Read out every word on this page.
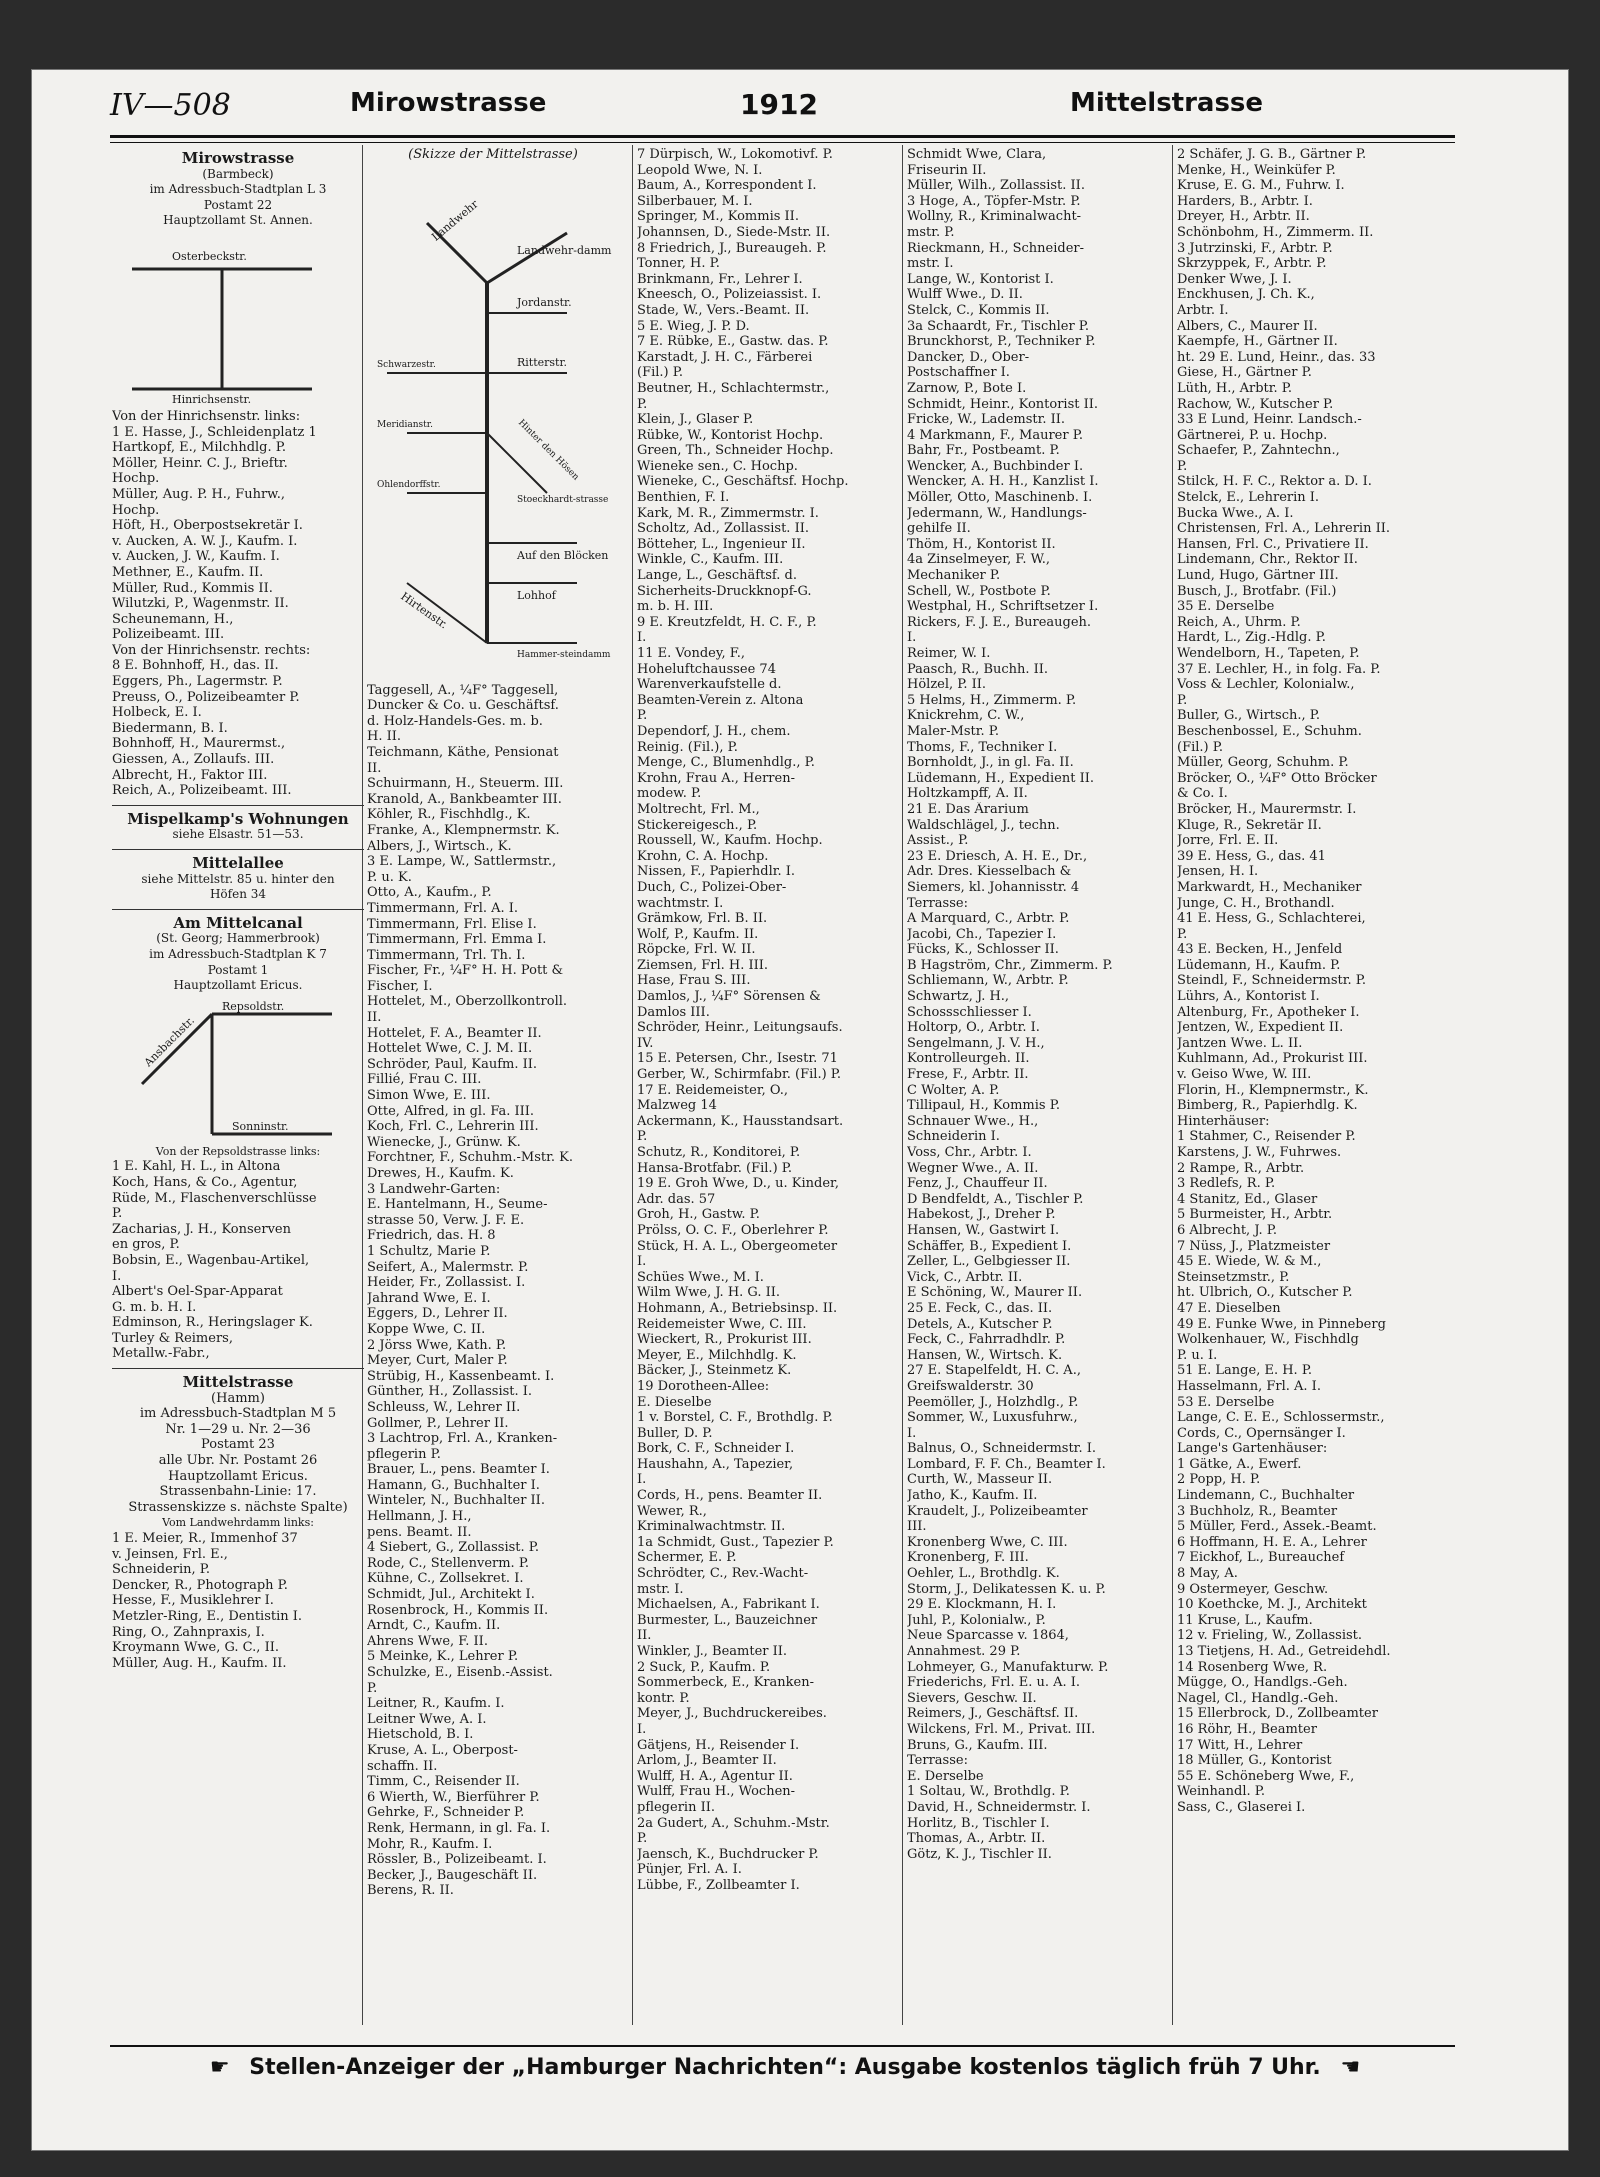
IV—508	Mirowstrasse	1912	Mittelstrasse
Mirowstrasse
(Barmbeck)
im Adressbuch-Stadtplan L 3
Postamt 22
Hauptzollamt St. Annen.
Osterbeckstr.
Hinrichsenstr.
Von der Hinrichsenstr. links:
1 E. Hasse, J., Schleidenplatz 1
Hartkopf, E., Milchhdlg. P.
Möller, Heinr. C. J., Brieftr.
Hochp.
Müller, Aug. P. H., Fuhrw.,
Hochp.
Höft, H., Oberpostsekretär I.
v. Aucken, A. W. J., Kaufm. I.
v. Aucken, J. W., Kaufm. I.
Methner, E., Kaufm. II.
Müller, Rud., Kommis II.
Wilutzki, P., Wagenmstr. II.
Scheunemann, H.,
Polizeibeamt. III.
Von der Hinrichsenstr. rechts:
8 E. Bohnhoff, H., das. II.
Eggers, Ph., Lagermstr. P.
Preuss, O., Polizeibeamter P.
Holbeck, E. I.
Biedermann, B. I.
Bohnhoff, H., Maurermst.,
Giessen, A., Zollaufs. III.
Albrecht, H., Faktor III.
Reich, A., Polizeibeamt. III.
Mispelkamp's Wohnungen
siehe Elsastr. 51—53.
Mittelallee
siehe Mittelstr. 85 u. hinter den
Höfen 34
Am Mittelcanal
(St. Georg; Hammerbrook)
im Adressbuch-Stadtplan K 7
Postamt 1
Hauptzollamt Ericus.
Ansbachstr.
Repsoldstr.
Sonninstr.
Von der Repsoldstrasse links:
1 E. Kahl, H. L., in Altona
Koch, Hans, & Co., Agentur,
Rüde, M., Flaschenverschlüsse
P.
Zacharias, J. H., Konserven
en gros, P.
Bobsin, E., Wagenbau-Artikel,
I.
Albert's Oel-Spar-Apparat
G. m. b. H. I.
Edminson, R., Heringslager K.
Turley & Reimers,
Metallw.-Fabr.,
Mittelstrasse
(Hamm)
im Adressbuch-Stadtplan M 5
Nr. 1—29 u. Nr. 2—36
Postamt 23
alle Übr. Nr. Postamt 26
Hauptzollamt Ericus.
Strassenbahn-Linie: 17.
Strassenskizze s. nächste Spalte)
Vom Landwehrdamm links:
1 E. Meier, R., Immenhof 37
v. Jeinsen, Frl. E.,
Schneiderin, P.
Dencker, R., Photograph P.
Hesse, F., Musiklehrer I.
Metzler-Ring, E., Dentistin I.
Ring, O., Zahnpraxis, I.
Kroymann Wwe, G. C., II.
Müller, Aug. H., Kaufm. II.
(Skizze der Mittelstrasse)
Landwehr
Landwehr-damm
Jordanstr.
Ritterstr.
Schwarzestr.
Meridianstr.	Hinter den Hösen
Ohlendorffstr.
Stoeckhardt-strasse
Auf den Blöcken
Lohhof
Hirtenstr.
Hammer-steindamm
Taggesell, A., ¼F° Taggesell,
Duncker & Co. u. Geschäftsf.
d. Holz-Handels-Ges. m. b.
H. II.
Teichmann, Käthe, Pensionat
II.
Schuirmann, H., Steuerm. III.
Kranold, A., Bankbeamter III.
Köhler, R., Fischhdlg., K.
Franke, A., Klempnermstr. K.
Albers, J., Wirtsch., K.
3 E. Lampe, W., Sattlermstr.,
P. u. K.
Otto, A., Kaufm., P.
Timmermann, Frl. A. I.
Timmermann, Frl. Elise I.
Timmermann, Frl. Emma I.
Timmermann, Trl. Th. I.
Fischer, Fr., ¼F° H. H. Pott &
Fischer, I.
Hottelet, M., Oberzollkontroll.
II.
Hottelet, F. A., Beamter II.
Hottelet Wwe, C. J. M. II.
Schröder, Paul, Kaufm. II.
Fillié, Frau C. III.
Simon Wwe, E. III.
Otte, Alfred, in gl. Fa. III.
Koch, Frl. C., Lehrerin III.
Wienecke, J., Grünw. K.
Forchtner, F., Schuhm.-Mstr. K.
Drewes, H., Kaufm. K.
3 Landwehr-Garten:
E. Hantelmann, H., Seume-
strasse 50, Verw. J. F. E.
Friedrich, das. H. 8
1 Schultz, Marie P.
Seifert, A., Malermstr. P.
Heider, Fr., Zollassist. I.
Jahrand Wwe, E. I.
Eggers, D., Lehrer II.
Koppe Wwe, C. II.
2 Jörss Wwe, Kath. P.
Meyer, Curt, Maler P.
Strübig, H., Kassenbeamt. I.
Günther, H., Zollassist. I.
Schleuss, W., Lehrer II.
Gollmer, P., Lehrer II.
3 Lachtrop, Frl. A., Kranken-
pflegerin P.
Brauer, L., pens. Beamter I.
Hamann, G., Buchhalter I.
Winteler, N., Buchhalter II.
Hellmann, J. H.,
pens. Beamt. II.
4 Siebert, G., Zollassist. P.
Rode, C., Stellenverm. P.
Kühne, C., Zollsekret. I.
Schmidt, Jul., Architekt I.
Rosenbrock, H., Kommis II.
Arndt, C., Kaufm. II.
Ahrens Wwe, F. II.
5 Meinke, K., Lehrer P.
Schulzke, E., Eisenb.-Assist.
P.
Leitner, R., Kaufm. I.
Leitner Wwe, A. I.
Hietschold, B. I.
Kruse, A. L., Oberpost-
schaffn. II.
Timm, C., Reisender II.
6 Wierth, W., Bierführer P.
Gehrke, F., Schneider P.
Renk, Hermann, in gl. Fa. I.
Mohr, R., Kaufm. I.
Rössler, B., Polizeibeamt. I.
Becker, J., Baugeschäft II.
Berens, R. II.
7 Dürpisch, W., Lokomotivf. P.
Leopold Wwe, N. I.
Baum, A., Korrespondent I.
Silberbauer, M. I.
Springer, M., Kommis II.
Johannsen, D., Siede-Mstr. II.
8 Friedrich, J., Bureaugeh. P.
Tonner, H. P.
Brinkmann, Fr., Lehrer I.
Kneesch, O., Polizeiassist. I.
Stade, W., Vers.-Beamt. II.
5 E. Wieg, J. P. D.
7 E. Rübke, E., Gastw. das. P.
Karstadt, J. H. C., Färberei
(Fil.) P.
Beutner, H., Schlachtermstr.,
P.
Klein, J., Glaser P.
Rübke, W., Kontorist Hochp.
Green, Th., Schneider Hochp.
Wieneke sen., C. Hochp.
Wieneke, C., Geschäftsf. Hochp.
Benthien, F. I.
Kark, M. R., Zimmermstr. I.
Scholtz, Ad., Zollassist. II.
Bötteher, L., Ingenieur II.
Winkle, C., Kaufm. III.
Lange, L., Geschäftsf. d.
Sicherheits-Druckknopf-G.
m. b. H. III.
9 E. Kreutzfeldt, H. C. F., P.
I.
11 E. Vondey, F.,
Hoheluftchaussee 74
Warenverkaufstelle d.
Beamten-Verein z. Altona
P.
Dependorf, J. H., chem.
Reinig. (Fil.), P.
Menge, C., Blumenhdlg., P.
Krohn, Frau A., Herren-
modew. P.
Moltrecht, Frl. M.,
Stickereigesch., P.
Roussell, W., Kaufm. Hochp.
Krohn, C. A. Hochp.
Nissen, F., Papierhdlr. I.
Duch, C., Polizei-Ober-
wachtmstr. I.
Grämkow, Frl. B. II.
Wolf, P., Kaufm. II.
Röpcke, Frl. W. II.
Ziemsen, Frl. H. III.
Hase, Frau S. III.
Damlos, J., ¼F° Sörensen &
Damlos III.
Schröder, Heinr., Leitungsaufs.
IV.
15 E. Petersen, Chr., Isestr. 71
Gerber, W., Schirmfabr. (Fil.) P.
17 E. Reidemeister, O.,
Malzweg 14
Ackermann, K., Hausstandsart.
P.
Schutz, R., Konditorei, P.
Hansa-Brotfabr. (Fil.) P.
19 E. Groh Wwe, D., u. Kinder,
Adr. das. 57
Groh, H., Gastw. P.
Prölss, O. C. F., Oberlehrer P.
Stück, H. A. L., Obergeometer
I.
Schües Wwe., M. I.
Wilm Wwe, J. H. G. II.
Hohmann, A., Betriebsinsp. II.
Reidemeister Wwe, C. III.
Wieckert, R., Prokurist III.
Meyer, E., Milchhdlg. K.
Bäcker, J., Steinmetz K.
19 Dorotheen-Allee:
E. Dieselbe
1 v. Borstel, C. F., Brothdlg. P.
Buller, D. P.
Bork, C. F., Schneider I.
Haushahn, A., Tapezier,
I.
Cords, H., pens. Beamter II.
Wewer, R.,
Kriminalwachtmstr. II.
1a Schmidt, Gust., Tapezier P.
Schermer, E. P.
Schrödter, C., Rev.-Wacht-
mstr. I.
Michaelsen, A., Fabrikant I.
Burmester, L., Bauzeichner
II.
Winkler, J., Beamter II.
2 Suck, P., Kaufm. P.
Sommerbeck, E., Kranken-
kontr. P.
Meyer, J., Buchdruckereibes.
I.
Gätjens, H., Reisender I.
Arlom, J., Beamter II.
Wulff, H. A., Agentur II.
Wulff, Frau H., Wochen-
pflegerin II.
2a Gudert, A., Schuhm.-Mstr.
P.
Jaensch, K., Buchdrucker P.
Pünjer, Frl. A. I.
Lübbe, F., Zollbeamter I.
Schmidt Wwe, Clara,
Friseurin II.
Müller, Wilh., Zollassist. II.
3 Hoge, A., Töpfer-Mstr. P.
Wollny, R., Kriminalwacht-
mstr. P.
Rieckmann, H., Schneider-
mstr. I.
Lange, W., Kontorist I.
Wulff Wwe., D. II.
Stelck, C., Kommis II.
3a Schaardt, Fr., Tischler P.
Brunckhorst, P., Techniker P.
Dancker, D., Ober-
Postschaffner I.
Zarnow, P., Bote I.
Schmidt, Heinr., Kontorist II.
Fricke, W., Lademstr. II.
4 Markmann, F., Maurer P.
Bahr, Fr., Postbeamt. P.
Wencker, A., Buchbinder I.
Wencker, A. H. H., Kanzlist I.
Möller, Otto, Maschinenb. I.
Jedermann, W., Handlungs-
gehilfe II.
Thöm, H., Kontorist II.
4a Zinselmeyer, F. W.,
Mechaniker P.
Schell, W., Postbote P.
Westphal, H., Schriftsetzer I.
Rickers, F. J. E., Bureaugeh.
I.
Reimer, W. I.
Paasch, R., Buchh. II.
Hölzel, P. II.
5 Helms, H., Zimmerm. P.
Knickrehm, C. W.,
Maler-Mstr. P.
Thoms, F., Techniker I.
Bornholdt, J., in gl. Fa. II.
Lüdemann, H., Expedient II.
Holtzkampff, A. II.
21 E. Das Ärarium
Waldschlägel, J., techn.
Assist., P.
23 E. Driesch, A. H. E., Dr.,
Adr. Dres. Kiesselbach &
Siemers, kl. Johannisstr. 4
Terrasse:
A Marquard, C., Arbtr. P.
Jacobi, Ch., Tapezier I.
Fücks, K., Schlosser II.
B Hagström, Chr., Zimmerm. P.
Schliemann, W., Arbtr. P.
Schwartz, J. H.,
Schossschliesser I.
Holtorp, O., Arbtr. I.
Sengelmann, J. V. H.,
Kontrolleurgeh. II.
Frese, F., Arbtr. II.
C Wolter, A. P.
Tillipaul, H., Kommis P.
Schnauer Wwe., H.,
Schneiderin I.
Voss, Chr., Arbtr. I.
Wegner Wwe., A. II.
Fenz, J., Chauffeur II.
D Bendfeldt, A., Tischler P.
Habekost, J., Dreher P.
Hansen, W., Gastwirt I.
Schäffer, B., Expedient I.
Zeller, L., Gelbgiesser II.
Vick, C., Arbtr. II.
E Schöning, W., Maurer II.
25 E. Feck, C., das. II.
Detels, A., Kutscher P.
Feck, C., Fahrradhdlr. P.
Hansen, W., Wirtsch. K.
27 E. Stapelfeldt, H. C. A.,
Greifswalderstr. 30
Peemöller, J., Holzhdlg., P.
Sommer, W., Luxusfuhrw.,
I.
Balnus, O., Schneidermstr. I.
Lombard, F. F. Ch., Beamter I.
Curth, W., Masseur II.
Jatho, K., Kaufm. II.
Kraudelt, J., Polizeibeamter
III.
Kronenberg Wwe, C. III.
Kronenberg, F. III.
Oehler, L., Brothdlg. K.
Storm, J., Delikatessen K. u. P.
29 E. Klockmann, H. I.
Juhl, P., Kolonialw., P.
Neue Sparcasse v. 1864,
Annahmest. 29 P.
Lohmeyer, G., Manufakturw. P.
Friederichs, Frl. E. u. A. I.
Sievers, Geschw. II.
Reimers, J., Geschäftsf. II.
Wilckens, Frl. M., Privat. III.
Bruns, G., Kaufm. III.
Terrasse:
E. Derselbe
1 Soltau, W., Brothdlg. P.
David, H., Schneidermstr. I.
Horlitz, B., Tischler I.
Thomas, A., Arbtr. II.
Götz, K. J., Tischler II.
2 Schäfer, J. G. B., Gärtner P.
Menke, H., Weinküfer P.
Kruse, E. G. M., Fuhrw. I.
Harders, B., Arbtr. I.
Dreyer, H., Arbtr. II.
Schönbohm, H., Zimmerm. II.
3 Jutrzinski, F., Arbtr. P.
Skrzyppek, F., Arbtr. P.
Denker Wwe, J. I.
Enckhusen, J. Ch. K.,
Arbtr. I.
Albers, C., Maurer II.
Kaempfe, H., Gärtner II.
ht. 29 E. Lund, Heinr., das. 33
Giese, H., Gärtner P.
Lüth, H., Arbtr. P.
Rachow, W., Kutscher P.
33 E Lund, Heinr. Landsch.-
Gärtnerei, P. u. Hochp.
Schaefer, P., Zahntechn.,
P.
Stilck, H. F. C., Rektor a. D. I.
Stelck, E., Lehrerin I.
Bucka Wwe., A. I.
Christensen, Frl. A., Lehrerin II.
Hansen, Frl. C., Privatiere II.
Lindemann, Chr., Rektor II.
Lund, Hugo, Gärtner III.
Busch, J., Brotfabr. (Fil.)
35 E. Derselbe
Reich, A., Uhrm. P.
Hardt, L., Zig.-Hdlg. P.
Wendelborn, H., Tapeten, P.
37 E. Lechler, H., in folg. Fa. P.
Voss & Lechler, Kolonialw.,
P.
Buller, G., Wirtsch., P.
Beschenbossel, E., Schuhm.
(Fil.) P.
Müller, Georg, Schuhm. P.
Bröcker, O., ¼F° Otto Bröcker
& Co. I.
Bröcker, H., Maurermstr. I.
Kluge, R., Sekretär II.
Jorre, Frl. E. II.
39 E. Hess, G., das. 41
Jensen, H. I.
Markwardt, H., Mechaniker
Junge, C. H., Brothandl.
41 E. Hess, G., Schlachterei,
P.
43 E. Becken, H., Jenfeld
Lüdemann, H., Kaufm. P.
Steindl, F., Schneidermstr. P.
Lührs, A., Kontorist I.
Altenburg, Fr., Apotheker I.
Jentzen, W., Expedient II.
Jantzen Wwe. L. II.
Kuhlmann, Ad., Prokurist III.
v. Geiso Wwe, W. III.
Florin, H., Klempnermstr., K.
Bimberg, R., Papierhdlg. K.
Hinterhäuser:
1 Stahmer, C., Reisender P.
Karstens, J. W., Fuhrwes.
2 Rampe, R., Arbtr.
3 Redlefs, R. P.
4 Stanitz, Ed., Glaser
5 Burmeister, H., Arbtr.
6 Albrecht, J. P.
7 Nüss, J., Platzmeister
45 E. Wiede, W. & M.,
Steinsetzmstr., P.
ht. Ulbrich, O., Kutscher P.
47 E. Dieselben
49 E. Funke Wwe, in Pinneberg
Wolkenhauer, W., Fischhdlg
P. u. I.
51 E. Lange, E. H. P.
Hasselmann, Frl. A. I.
53 E. Derselbe
Lange, C. E. E., Schlossermstr.,
Cords, C., Opernsänger I.
Lange's Gartenhäuser:
1 Gätke, A., Ewerf.
2 Popp, H. P.
Lindemann, C., Buchhalter
3 Buchholz, R., Beamter
5 Müller, Ferd., Assek.-Beamt.
6 Hoffmann, H. E. A., Lehrer
7 Eickhof, L., Bureauchef
8 May, A.
9 Ostermeyer, Geschw.
10 Koethcke, M. J., Architekt
11 Kruse, L., Kaufm.
12 v. Frieling, W., Zollassist.
13 Tietjens, H. Ad., Getreidehdl.
14 Rosenberg Wwe, R.
Mügge, O., Handlgs.-Geh.
Nagel, Cl., Handlg.-Geh.
15 Ellerbrock, D., Zollbeamter
16 Röhr, H., Beamter
17 Witt, H., Lehrer
18 Müller, G., Kontorist
55 E. Schöneberg Wwe, F.,
Weinhandl. P.
Sass, C., Glaserei I.
☛ Stellen-Anzeiger der „Hamburger Nachrichten“: Ausgabe kostenlos täglich früh 7 Uhr. ☚
